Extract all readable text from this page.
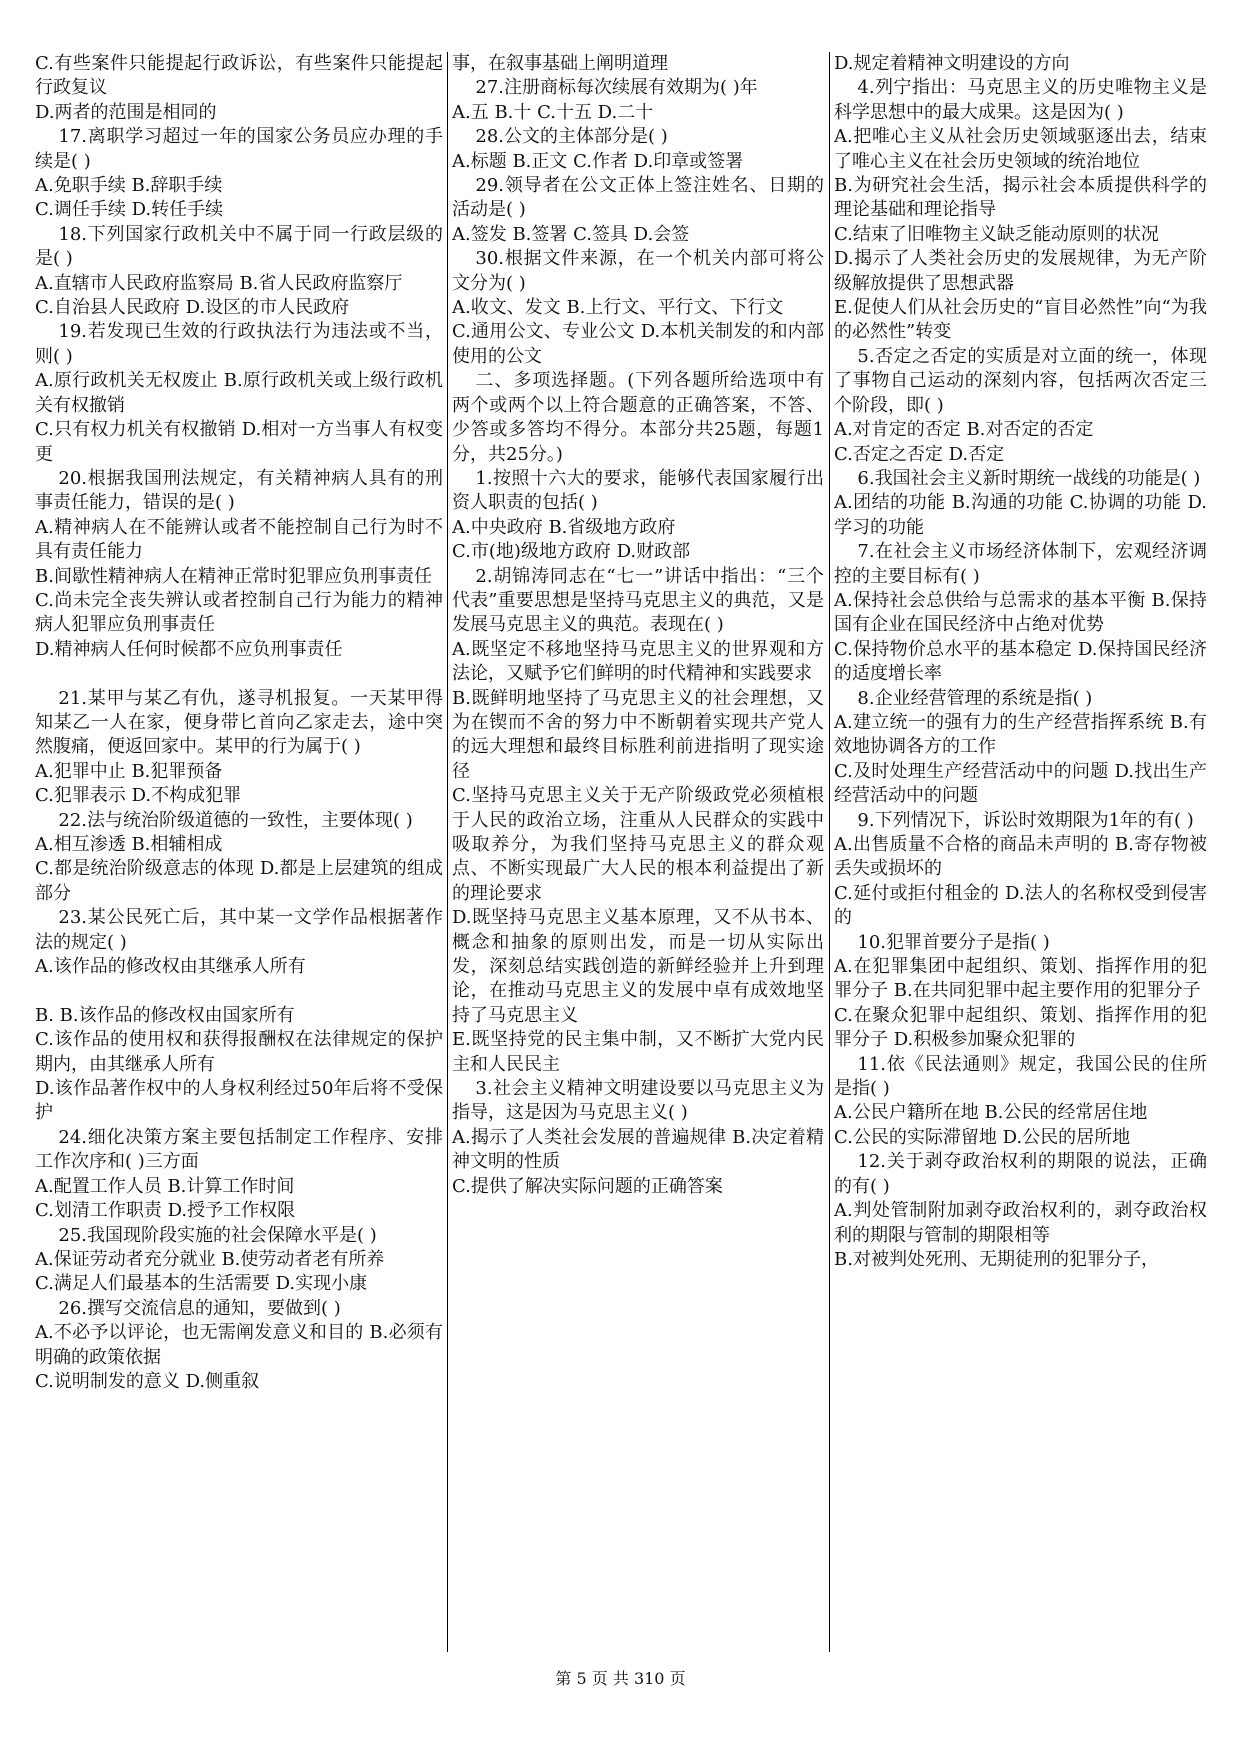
C.有些案件只能提起行政诉讼，有些案件只能提起行政复议

D.两者的范围是相同的

17.离职学习超过一年的国家公务员应办理的手续是( )

A.免职手续 B.辞职手续

C.调任手续 D.转任手续

18.下列国家行政机关中不属于同一行政层级的是( )

A.直辖市人民政府监察局 B.省人民政府监察厅

C.自治县人民政府 D.设区的市人民政府

19.若发现已生效的行政执法行为违法或不当，则( )

A.原行政机关无权废止 B.原行政机关或上级行政机关有权撤销

C.只有权力机关有权撤销 D.相对一方当事人有权变更

20.根据我国刑法规定，有关精神病人具有的刑事责任能力，错误的是( )

A.精神病人在不能辨认或者不能控制自己行为时不具有责任能力

B.间歇性精神病人在精神正常时犯罪应负刑事责任

C.尚未完全丧失辨认或者控制自己行为能力的精神病人犯罪应负刑事责任

D.精神病人任何时候都不应负刑事责任

21.某甲与某乙有仇，遂寻机报复。一天某甲得知某乙一人在家，便身带匕首向乙家走去，途中突然腹痛，便返回家中。某甲的行为属于( )

A.犯罪中止 B.犯罪预备

C.犯罪表示 D.不构成犯罪

22.法与统治阶级道德的一致性，主要体现( )

A.相互渗透 B.相辅相成

C.都是统治阶级意志的体现 D.都是上层建筑的组成部分

23.某公民死亡后，其中某一文学作品根据著作法的规定( )

A.该作品的修改权由其继承人所有

B. B.该作品的修改权由国家所有

C.该作品的使用权和获得报酬权在法律规定的保护期内，由其继承人所有

D.该作品著作权中的人身权利经过50年后将不受保护

24.细化决策方案主要包括制定工作程序、安排工作次序和( )三方面

A.配置工作人员 B.计算工作时间

C.划清工作职责 D.授予工作权限

25.我国现阶段实施的社会保障水平是( )

A.保证劳动者充分就业 B.使劳动者老有所养

C.满足人们最基本的生活需要 D.实现小康

26.撰写交流信息的通知，要做到( )

A.不必予以评论，也无需阐发意义和目的 B.必须有明确的政策依据

C.说明制发的意义 D.侧重叙

事，在叙事基础上阐明道理

27.注册商标每次续展有效期为( )年

A.五 B.十 C.十五 D.二十

28.公文的主体部分是( )

A.标题 B.正文 C.作者 D.印章或签署

29.领导者在公文正体上签注姓名、日期的活动是( )

A.签发 B.签署 C.签具 D.会签

30.根据文件来源，在一个机关内部可将公文分为( )

A.收文、发文 B.上行文、平行文、下行文

C.通用公文、专业公文 D.本机关制发的和内部使用的公文

二、多项选择题。(下列各题所给选项中有两个或两个以上符合题意的正确答案，不答、少答或多答均不得分。本部分共25题，每题1分，共25分。)

1.按照十六大的要求，能够代表国家履行出资人职责的包括( )

A.中央政府 B.省级地方政府

C.市(地)级地方政府 D.财政部

2.胡锦涛同志在“七一”讲话中指出：“三个代表”重要思想是坚持马克思主义的典范，又是发展马克思主义的典范。表现在( )

A.既坚定不移地坚持马克思主义的世界观和方法论，又赋予它们鲜明的时代精神和实践要求

B.既鲜明地坚持了马克思主义的社会理想，又为在锲而不舍的努力中不断朝着实现共产党人的远大理想和最终目标胜利前进指明了现实途径

C.坚持马克思主义关于无产阶级政党必须植根于人民的政治立场，注重从人民群众的实践中吸取养分，为我们坚持马克思主义的群众观点、不断实现最广大人民的根本利益提出了新的理论要求

D.既坚持马克思主义基本原理，又不从书本、概念和抽象的原则出发，而是一切从实际出发，深刻总结实践创造的新鲜经验并上升到理论，在推动马克思主义的发展中卓有成效地坚持了马克思主义

E.既坚持党的民主集中制，又不断扩大党内民主和人民民主

3.社会主义精神文明建设要以马克思主义为指导，这是因为马克思主义( )

A.揭示了人类社会发展的普遍规律 B.决定着精神文明的性质

C.提供了解决实际问题的正确答案

D.规定着精神文明建设的方向

4.列宁指出：马克思主义的历史唯物主义是科学思想中的最大成果。这是因为( )

A.把唯心主义从社会历史领域驱逐出去，结束了唯心主义在社会历史领域的统治地位

B.为研究社会生活，揭示社会本质提供科学的理论基础和理论指导

C.结束了旧唯物主义缺乏能动原则的状况

D.揭示了人类社会历史的发展规律，为无产阶级解放提供了思想武器

E.促使人们从社会历史的“盲目必然性”向“为我的必然性”转变

5.否定之否定的实质是对立面的统一，体现了事物自己运动的深刻内容，包括两次否定三个阶段，即( )

A.对肯定的否定 B.对否定的否定

C.否定之否定 D.否定

6.我国社会主义新时期统一战线的功能是( )

A.团结的功能 B.沟通的功能 C.协调的功能 D.学习的功能

7.在社会主义市场经济体制下，宏观经济调控的主要目标有( )

A.保持社会总供给与总需求的基本平衡 B.保持国有企业在国民经济中占绝对优势

C.保持物价总水平的基本稳定 D.保持国民经济的适度增长率

8.企业经营管理的系统是指( )

A.建立统一的强有力的生产经营指挥系统 B.有效地协调各方的工作

C.及时处理生产经营活动中的问题 D.找出生产经营活动中的问题

9.下列情况下，诉讼时效期限为1年的有( )

A.出售质量不合格的商品未声明的 B.寄存物被丢失或损坏的

C.延付或拒付租金的 D.法人的名称权受到侵害的

10.犯罪首要分子是指( )

A.在犯罪集团中起组织、策划、指挥作用的犯罪分子 B.在共同犯罪中起主要作用的犯罪分子

C.在聚众犯罪中起组织、策划、指挥作用的犯罪分子 D.积极参加聚众犯罪的

11.依《民法通则》规定，我国公民的住所是指( )

A.公民户籍所在地 B.公民的经常居住地

C.公民的实际滞留地 D.公民的居所地

12.关于剥夺政治权利的期限的说法，正确的有( )

A.判处管制附加剥夺政治权利的，剥夺政治权利的期限与管制的期限相等

B.对被判处死刑、无期徒刑的犯罪分子，

第 5 页 共 310 页
